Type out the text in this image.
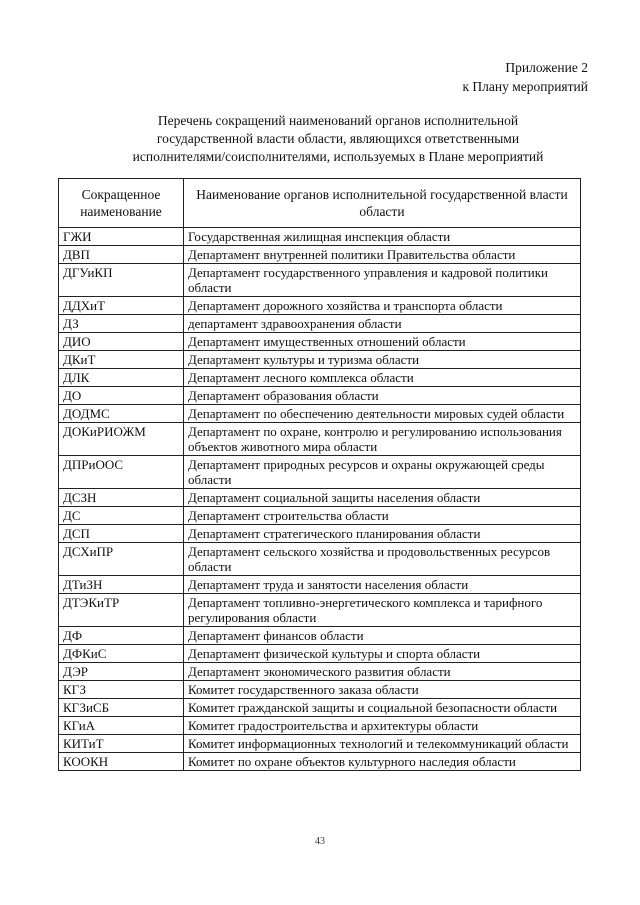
Приложение 2
к Плану мероприятий
Перечень сокращений наименований органов исполнительной
государственной власти области, являющихся ответственными
исполнителями/соисполнителями, используемых в Плане мероприятий
Сокращенное наименование	Наименование органов исполнительной государственной власти области
ГЖИ	Государственная жилищная инспекция области
ДВП	Департамент внутренней политики Правительства области
ДГУиКП	Департамент государственного управления и кадровой политики области
ДДХиТ	Департамент дорожного хозяйства и транспорта области
ДЗ	департамент здравоохранения области
ДИО	Департамент имущественных отношений области
ДКиТ	Департамент культуры и туризма области
ДЛК	Департамент лесного комплекса области
ДО	Департамент образования области
ДОДМС	Департамент по обеспечению деятельности мировых судей области
ДОКиРИОЖМ	Департамент по охране, контролю и регулированию использования объектов животного мира области
ДПРиООС	Департамент природных ресурсов и охраны окружающей среды области
ДСЗН	Департамент социальной защиты населения области
ДС	Департамент строительства области
ДСП	Департамент стратегического планирования области
ДСХиПР	Департамент сельского хозяйства и продовольственных ресурсов области
ДТиЗН	Департамент труда и занятости населения области
ДТЭКиТР	Департамент топливно-энергетического комплекса и тарифного регулирования области
ДФ	Департамент финансов области
ДФКиС	Департамент физической культуры и спорта области
ДЭР	Департамент экономического развития области
КГЗ	Комитет государственного заказа области
КГЗиСБ	Комитет гражданской защиты и социальной безопасности области
КГиА	Комитет градостроительства и архитектуры области
КИТиТ	Комитет информационных технологий и телекоммуникаций области
КООКН	Комитет по охране объектов культурного наследия области
43
